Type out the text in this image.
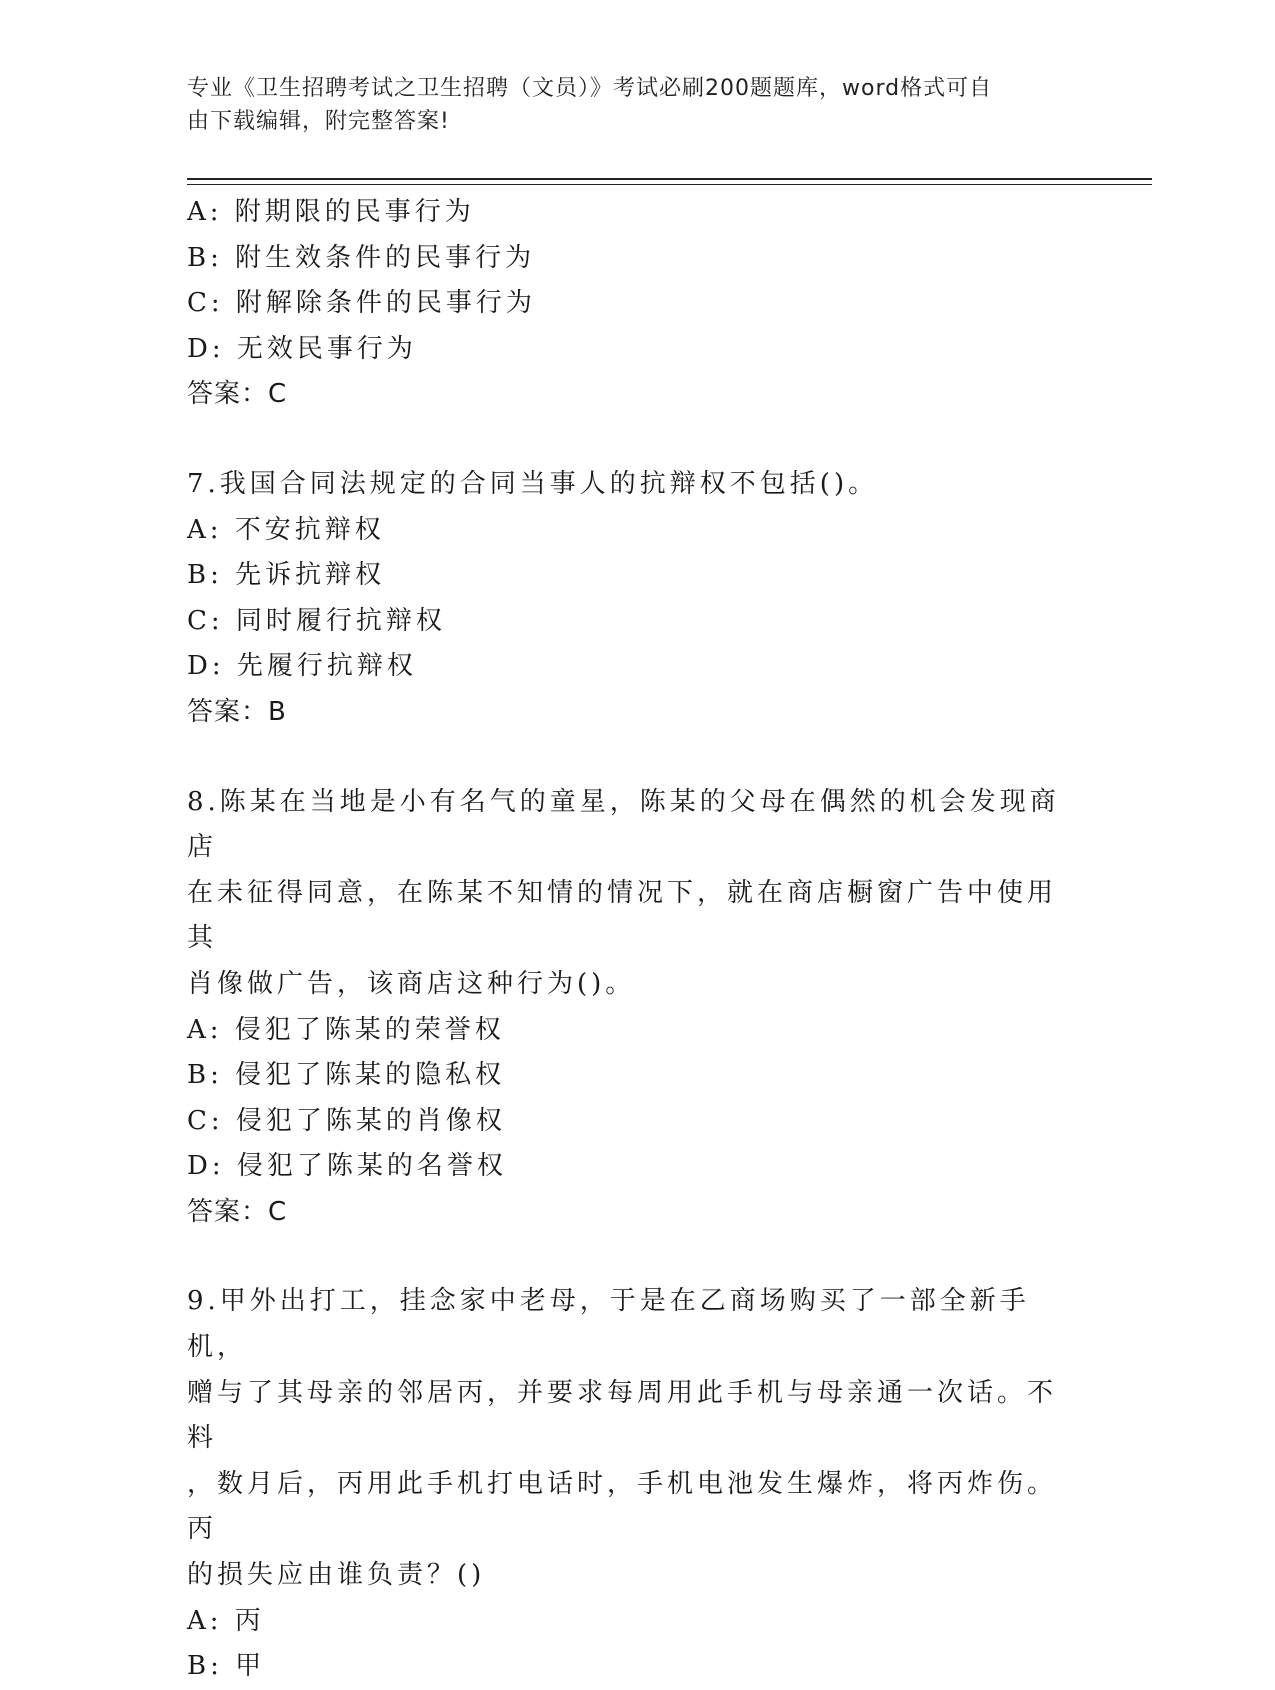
专业《卫生招聘考试之卫生招聘（文员）》考试必刷200题题库，word格式可自
由下载编辑，附完整答案!
A: 附期限的民事行为
B: 附生效条件的民事行为
C: 附解除条件的民事行为
D: 无效民事行为
答案：C
7.我国合同法规定的合同当事人的抗辩权不包括()。
A: 不安抗辩权
B: 先诉抗辩权
C: 同时履行抗辩权
D: 先履行抗辩权
答案：B
8.陈某在当地是小有名气的童星，陈某的父母在偶然的机会发现商店
在未征得同意，在陈某不知情的情况下，就在商店橱窗广告中使用其
肖像做广告，该商店这种行为()。
A: 侵犯了陈某的荣誉权
B: 侵犯了陈某的隐私权
C: 侵犯了陈某的肖像权
D: 侵犯了陈某的名誉权
答案：C
9.甲外出打工，挂念家中老母，于是在乙商场购买了一部全新手机，
赠与了其母亲的邻居丙，并要求每周用此手机与母亲通一次话。不料
，数月后，丙用此手机打电话时，手机电池发生爆炸，将丙炸伤。丙
的损失应由谁负责？()
A: 丙
B: 甲
